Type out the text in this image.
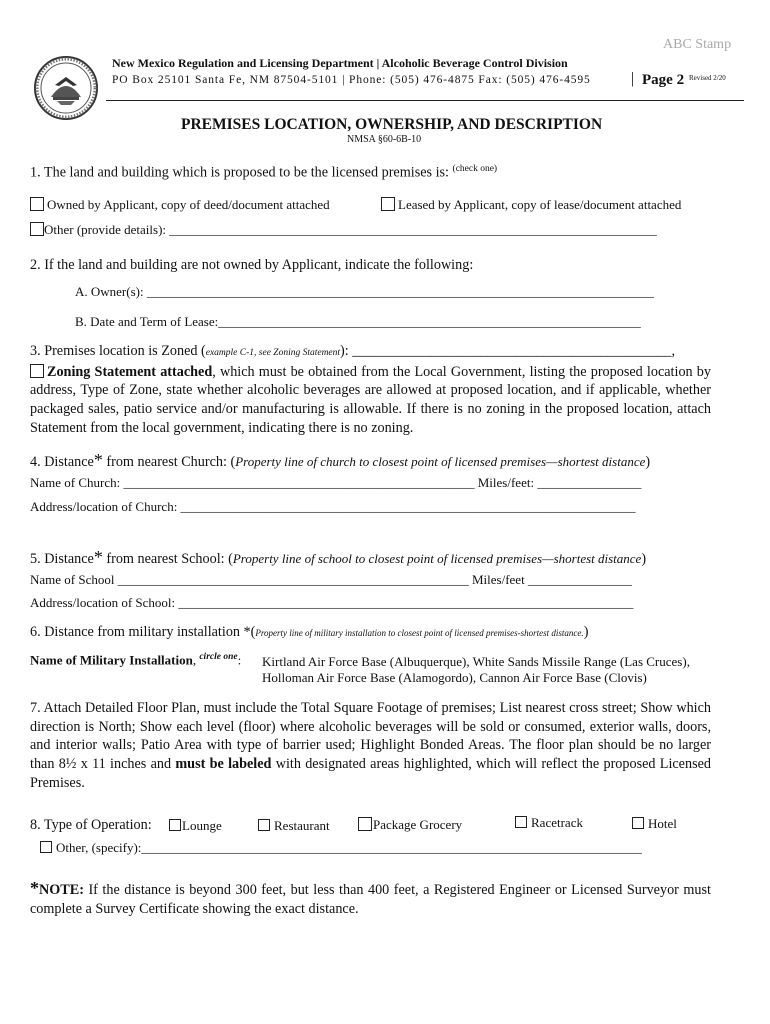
ABC Stamp
New Mexico Regulation and Licensing Department | Alcoholic Beverage Control Division
PO Box 25101 Santa Fe, NM 87504-5101 | Phone: (505) 476-4875 Fax: (505) 476-4595	| Page 2 Revised 2/20
PREMISES LOCATION, OWNERSHIP, AND DESCRIPTION
NMSA §60-6B-10
1. The land and building which is proposed to be the licensed premises is: $^{(check one)}$
Owned by Applicant, copy of deed/document attached	Leased by Applicant, copy of lease/document attached
Other (provide details): ___________________________________________________________________________
2. If the land and building are not owned by Applicant, indicate the following:
A. Owner(s): ______________________________________________________________________________
B. Date and Term of Lease:_________________________________________________________________
3. Premises location is Zoned (example C-1, see Zoning Statement): _____________________________________________,
Zoning Statement attached, which must be obtained from the Local Government, listing the proposed location by address, Type of Zone, state whether alcoholic beverages are allowed at proposed location, and if applicable, whether packaged sales, patio service and/or manufacturing is allowable. If there is no zoning in the proposed location, attach Statement from the local government, indicating there is no zoning.
4. Distance* from nearest Church: (Property line of church to closest point of licensed premises—shortest distance)
Name of Church: ______________________________________________________ Miles/feet: ________________
Address/location of Church: ______________________________________________________________________
5. Distance* from nearest School: (Property line of school to closest point of licensed premises—shortest distance)
Name of School ______________________________________________________ Miles/feet ________________
Address/location of School: ______________________________________________________________________
6. Distance from military installation *(Property line of military installation to closest point of licensed premises-shortest distance.)
Name of Military Installation, $^{circle one}$: Kirtland Air Force Base (Albuquerque), White Sands Missile Range (Las Cruces),
Holloman Air Force Base (Alamogordo), Cannon Air Force Base (Clovis)
7. Attach Detailed Floor Plan, must include the Total Square Footage of premises; List nearest cross street; Show which direction is North; Show each level (floor) where alcoholic beverages will be sold or consumed, exterior walls, doors, and interior walls; Patio Area with type of barrier used; Highlight Bonded Areas. The floor plan should be no larger than 8½ x 11 inches and must be labeled with designated areas highlighted, which will reflect the proposed Licensed Premises.
8. Type of Operation:	Lounge	Restaurant	Package Grocery	Racetrack	Hotel
Other, (specify):_____________________________________________________________________________
*NOTE: If the distance is beyond 300 feet, but less than 400 feet, a Registered Engineer or Licensed Surveyor must complete a Survey Certificate showing the exact distance.
